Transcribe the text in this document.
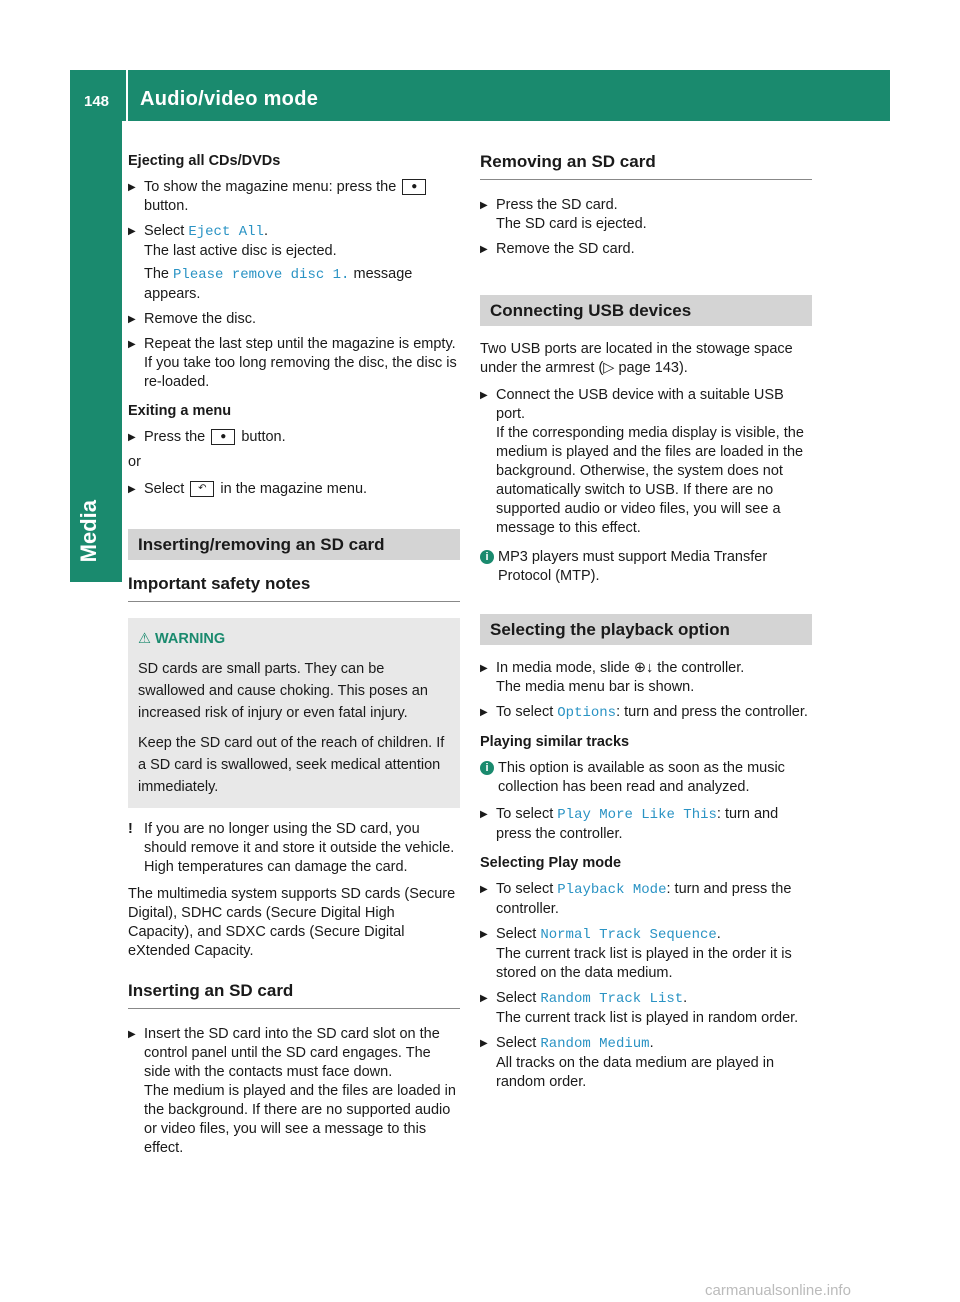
148 Audio/video mode
Media

Ejecting all CDs/DVDs

▶ To show the magazine menu: press the ● button.
▶ Select Eject All.
The last active disc is ejected.

The Please remove disc 1. message appears.

▶ Remove the disc.
▶ Repeat the last step until the magazine is empty.
If you take too long removing the disc, the disc is re-loaded.

Exiting a menu

▶ Press the ● button.

or

▶ Select ↶ in the magazine menu.
Inserting/removing an SD card

Important safety notes

⚠ WARNING

SD cards are small parts. They can be swallowed and cause choking. This poses an increased risk of injury or even fatal injury.

Keep the SD card out of the reach of children. If a SD card is swallowed, seek medical attention immediately.

! If you are no longer using the SD card, you should remove it and store it outside the vehicle. High temperatures can damage the card.

The multimedia system supports SD cards (Secure Digital), SDHC cards (Secure Digital High Capacity), and SDXC cards (Secure Digital eXtended Capacity.

Inserting an SD card

▶ Insert the SD card into the SD card slot on the control panel until the SD card engages. The side with the contacts must face down.
The medium is played and the files are loaded in the background. If there are no supported audio or video files, you will see a message to this effect.

Removing an SD card

▶ Press the SD card.
The SD card is ejected.
▶ Remove the SD card.
Connecting USB devices

Two USB ports are located in the stowage space under the armrest (▷ page 143).

▶ Connect the USB device with a suitable USB port.
If the corresponding media display is visible, the medium is played and the files are loaded in the background. Otherwise, the system does not automatically switch to USB. If there are no supported audio or video files, you will see a message to this effect.
i MP3 players must support Media Transfer Protocol (MTP).

Selecting the playback option
▶ In media mode, slide ⊕↓ the controller.
The media menu bar is shown.
▶ To select Options: turn and press the controller.

Playing similar tracks

i This option is available as soon as the music collection has been read and analyzed.

▶ To select Play More Like This: turn and press the controller.

Selecting Play mode

▶ To select Playback Mode: turn and press the controller.
▶ Select Normal Track Sequence.
The current track list is played in the order it is stored on the data medium.
▶ Select Random Track List.
The current track list is played in random order.
▶ Select Random Medium.
All tracks on the data medium are played in random order.
carmanualsonline.info
